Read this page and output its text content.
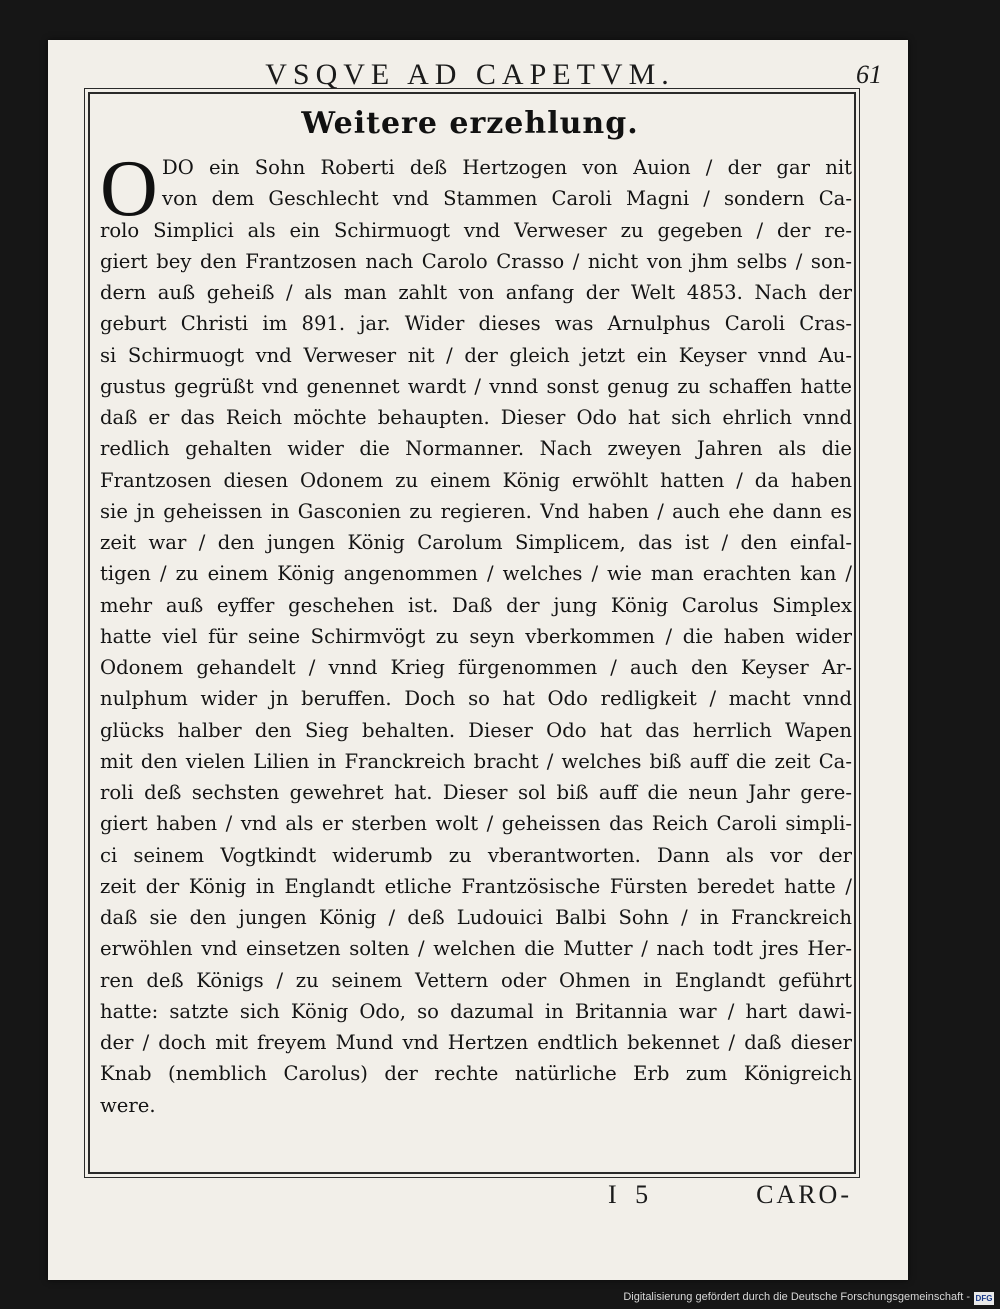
VSQVE AD CAPETVM.	61
Weitere erzehlung.
O DO ein Sohn Roberti deß Hertzogen von Auion / der gar nit
von dem Geschlecht vnd Stammen Caroli Magni / sondern Ca-
rolo Simplici als ein Schirmuogt vnd Verweser zu gegeben / der re-
giert bey den Frantzosen nach Carolo Crasso / nicht von jhm selbs / son-
dern auß geheiß / als man zahlt von anfang der Welt 4853. Nach der
geburt Christi im 891. jar. Wider dieses was Arnulphus Caroli Cras-
si Schirmuogt vnd Verweser nit / der gleich jetzt ein Keyser vnnd Au-
gustus gegrüßt vnd genennet wardt / vnnd sonst genug zu schaffen hatte
daß er das Reich möchte behaupten. Dieser Odo hat sich ehrlich vnnd
redlich gehalten wider die Normanner. Nach zweyen Jahren als die
Frantzosen diesen Odonem zu einem König erwöhlt hatten / da haben
sie jn geheissen in Gasconien zu regieren. Vnd haben / auch ehe dann es
zeit war / den jungen König Carolum Simplicem, das ist / den einfal-
tigen / zu einem König angenommen / welches / wie man erachten kan /
mehr auß eyffer geschehen ist. Daß der jung König Carolus Simplex
hatte viel für seine Schirmvögt zu seyn vberkommen / die haben wider
Odonem gehandelt / vnnd Krieg fürgenommen / auch den Keyser Ar-
nulphum wider jn beruffen. Doch so hat Odo redligkeit / macht vnnd
glücks halber den Sieg behalten. Dieser Odo hat das herrlich Wapen
mit den vielen Lilien in Franckreich bracht / welches biß auff die zeit Ca-
roli deß sechsten gewehret hat. Dieser sol biß auff die neun Jahr gere-
giert haben / vnd als er sterben wolt / geheissen das Reich Caroli simpli-
ci seinem Vogtkindt widerumb zu vberantworten. Dann als vor der
zeit der König in Englandt etliche Frantzösische Fürsten beredet hatte /
daß sie den jungen König / deß Ludouici Balbi Sohn / in Franckreich
erwöhlen vnd einsetzen solten / welchen die Mutter / nach todt jres Her-
ren deß Königs / zu seinem Vettern oder Ohmen in Englandt geführt
hatte: satzte sich König Odo, so dazumal in Britannia war / hart dawi-
der / doch mit freyem Mund vnd Hertzen endtlich bekennet / daß dieser
Knab (nemblich Carolus) der rechte natürliche Erb zum Königreich
were.
I 5	CARO-
Digitalisierung gefördert durch die Deutsche Forschungsgemeinschaft - DFG
